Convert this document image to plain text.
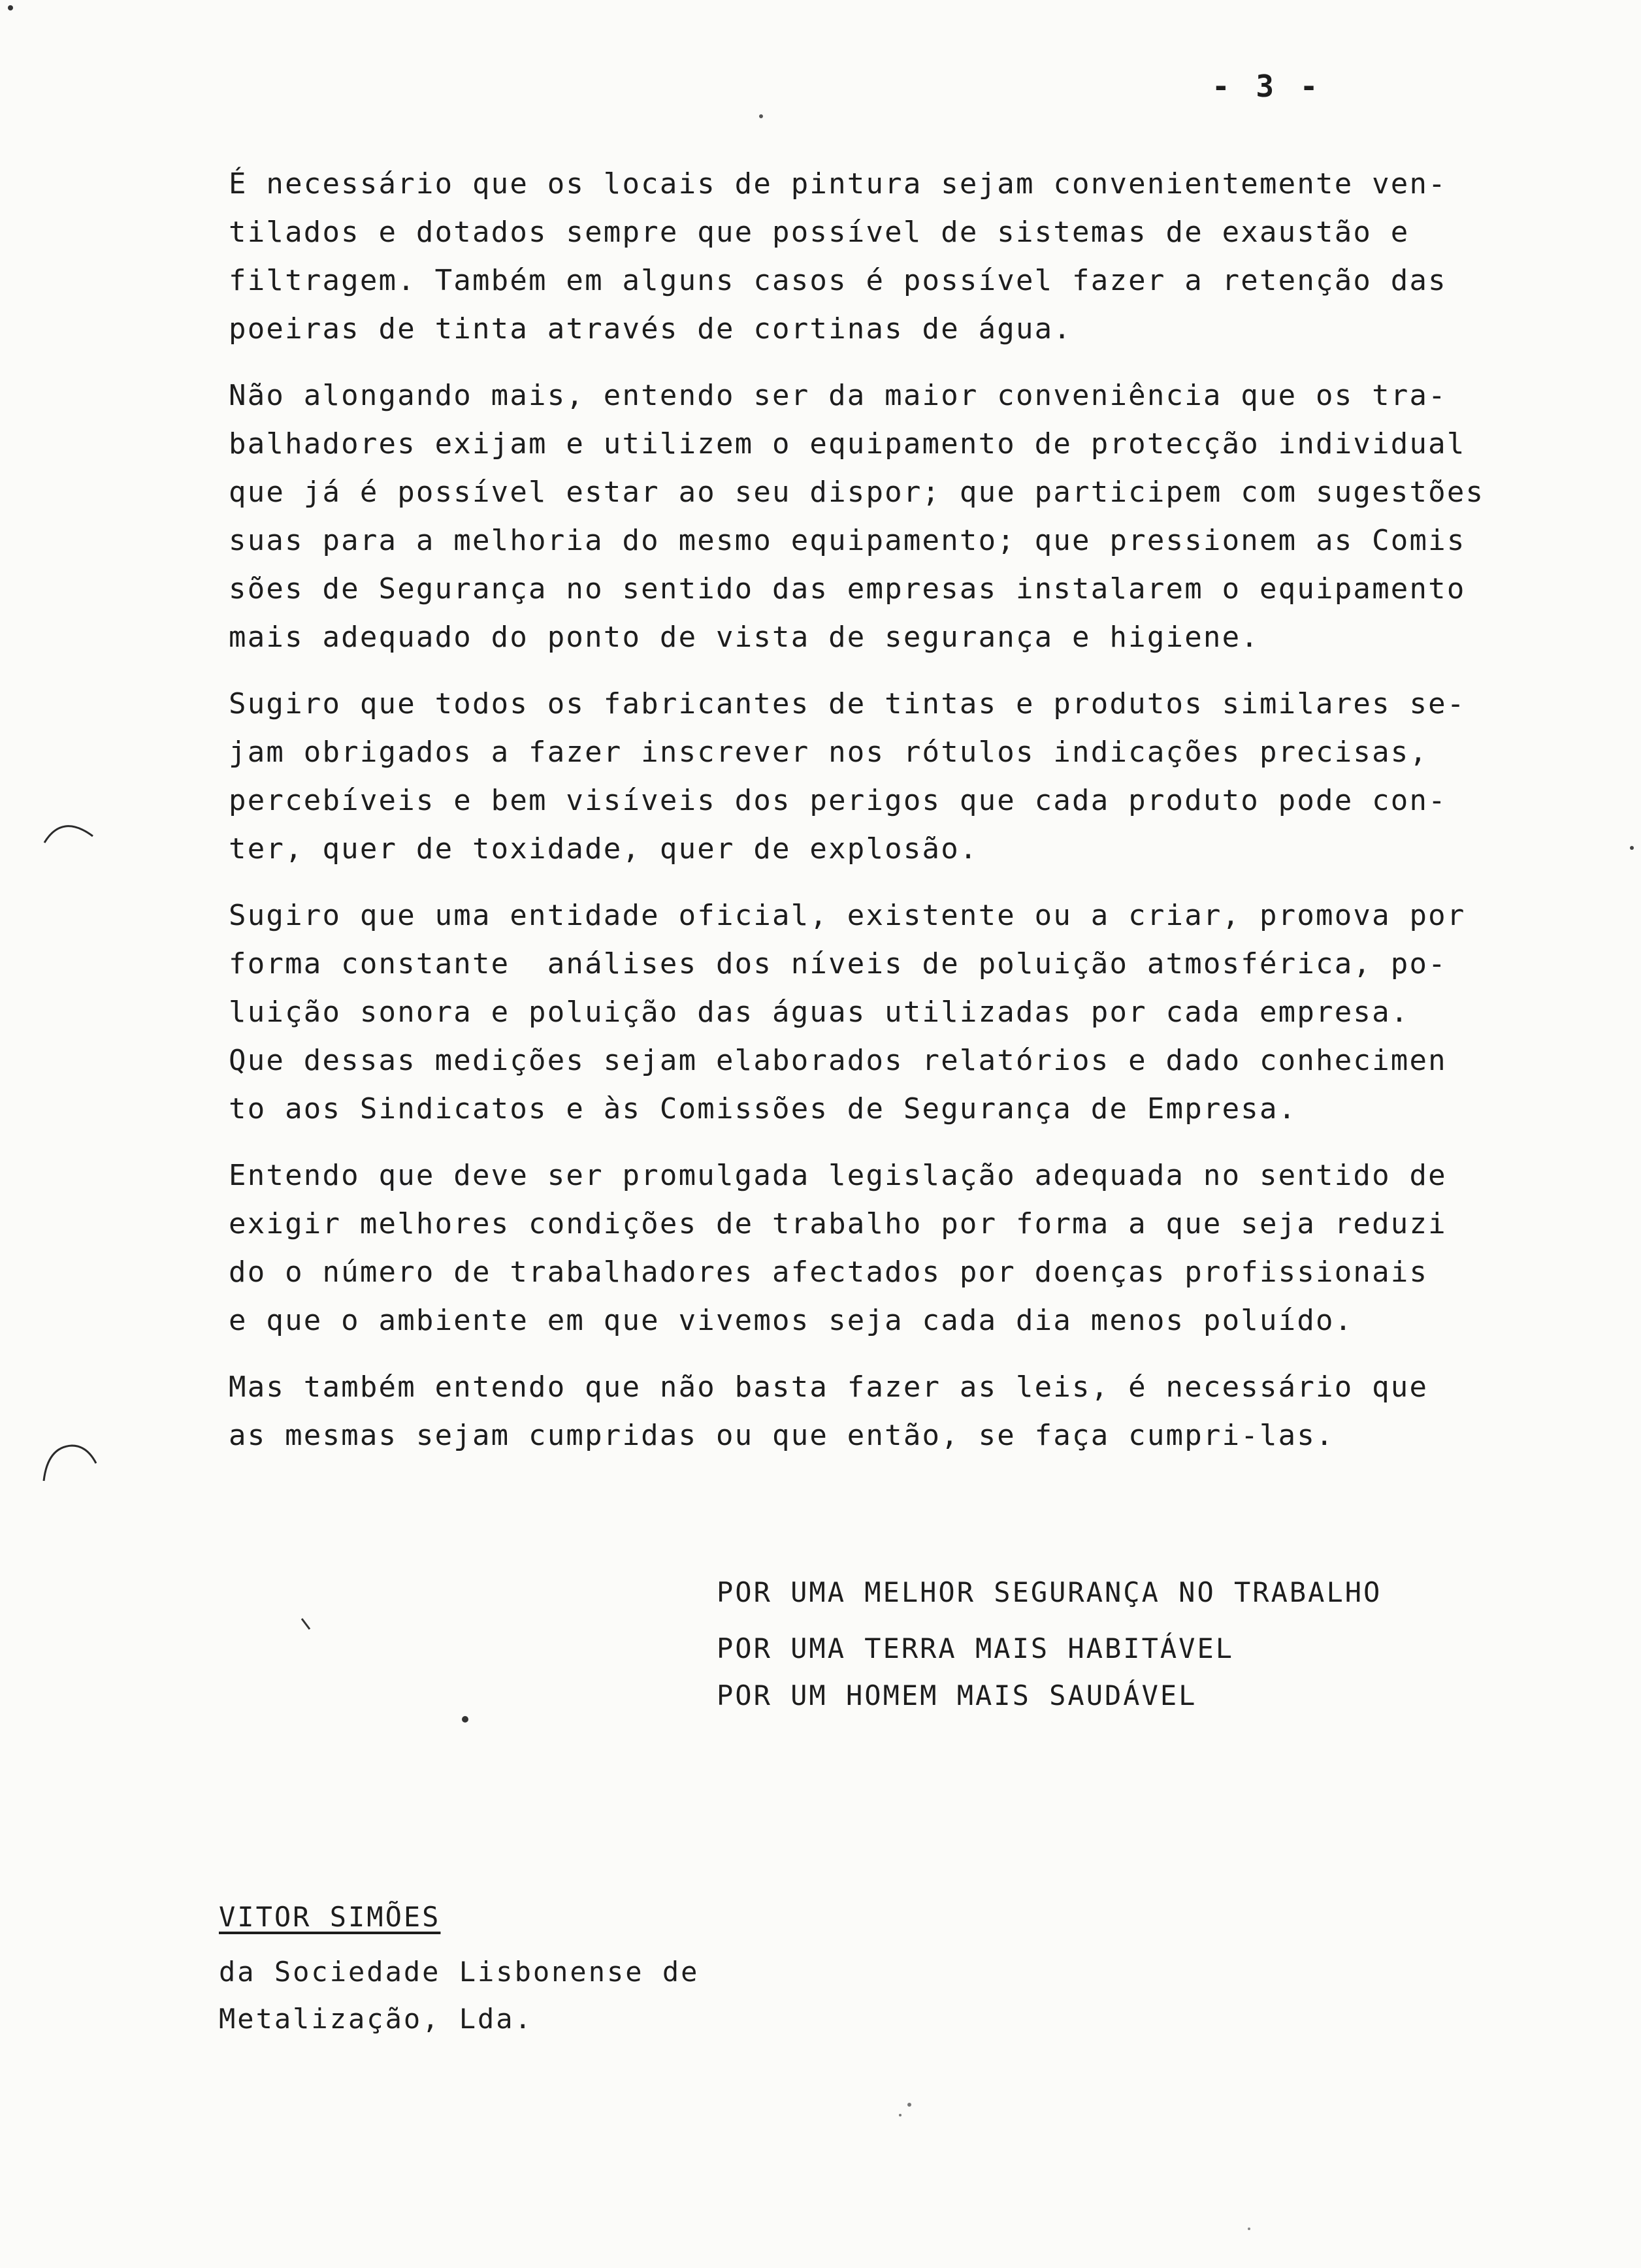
- 3 -
É necessário que os locais de pintura sejam convenientemente ven-
tilados e dotados sempre que possível de sistemas de exaustão e
filtragem. Também em alguns casos é possível fazer a retenção das
poeiras de tinta através de cortinas de água.
Não alongando mais, entendo ser da maior conveniência que os tra-
balhadores exijam e utilizem o equipamento de protecção individual
que já é possível estar ao seu dispor; que participem com sugestões
suas para a melhoria do mesmo equipamento; que pressionem as Comis
sões de Segurança no sentido das empresas instalarem o equipamento
mais adequado do ponto de vista de segurança e higiene.
Sugiro que todos os fabricantes de tintas e produtos similares se-
jam obrigados a fazer inscrever nos rótulos indicações precisas,
percebíveis e bem visíveis dos perigos que cada produto pode con-
ter, quer de toxidade, quer de explosão.
Sugiro que uma entidade oficial, existente ou a criar, promova por
forma constante  análises dos níveis de poluição atmosférica, po-
luição sonora e poluição das águas utilizadas por cada empresa.
Que dessas medições sejam elaborados relatórios e dado conhecimen
to aos Sindicatos e às Comissões de Segurança de Empresa.
Entendo que deve ser promulgada legislação adequada no sentido de
exigir melhores condições de trabalho por forma a que seja reduzi
do o número de trabalhadores afectados por doenças profissionais
e que o ambiente em que vivemos seja cada dia menos poluído.
Mas também entendo que não basta fazer as leis, é necessário que
as mesmas sejam cumpridas ou que então, se faça cumpri-las.
POR UMA MELHOR SEGURANÇA NO TRABALHO
POR UMA TERRA MAIS HABITÁVEL
POR UM HOMEM MAIS SAUDÁVEL
VITOR SIMÕES
da Sociedade Lisbonense de
Metalização, Lda.
